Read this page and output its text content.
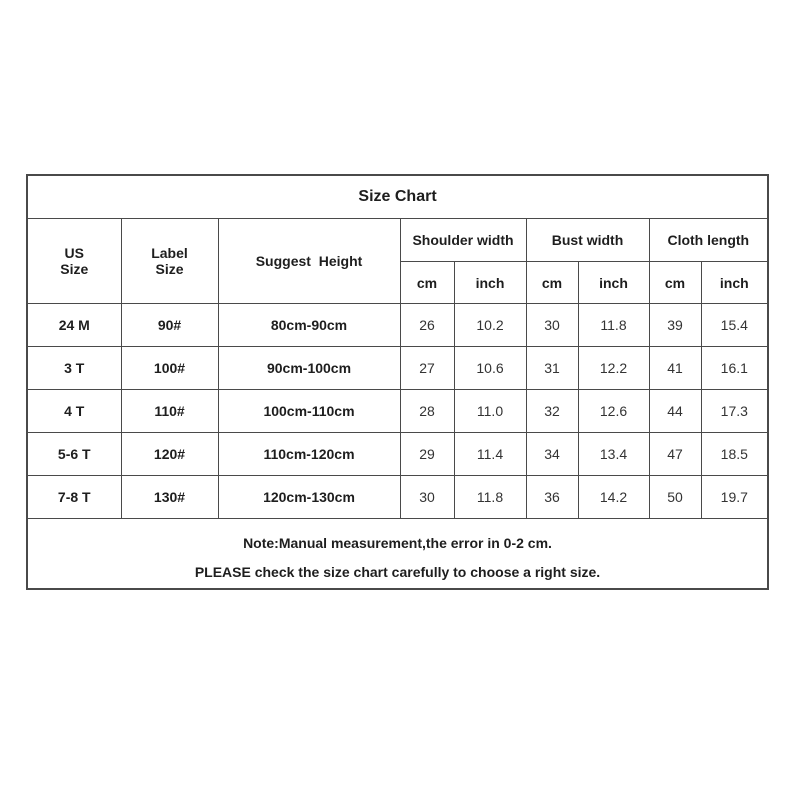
Size Chart								
US
Size	Label
Size	Suggest  Height	Shoulder width		Bust width		Cloth length	
			cm	inch	cm	inch	cm	inch
24 M	90#	80cm-90cm	26	10.2	30	11.8	39	15.4
3 T	100#	90cm-100cm	27	10.6	31	12.2	41	16.1
4 T	110#	100cm-110cm	28	11.0	32	12.6	44	17.3
5-6 T	120#	110cm-120cm	29	11.4	34	13.4	47	18.5
7-8 T	130#	120cm-130cm	30	11.8	36	14.2	50	19.7
Note:Manual measurement,the error in 0-2 cm.
PLEASE check the size chart carefully to choose a right size.
